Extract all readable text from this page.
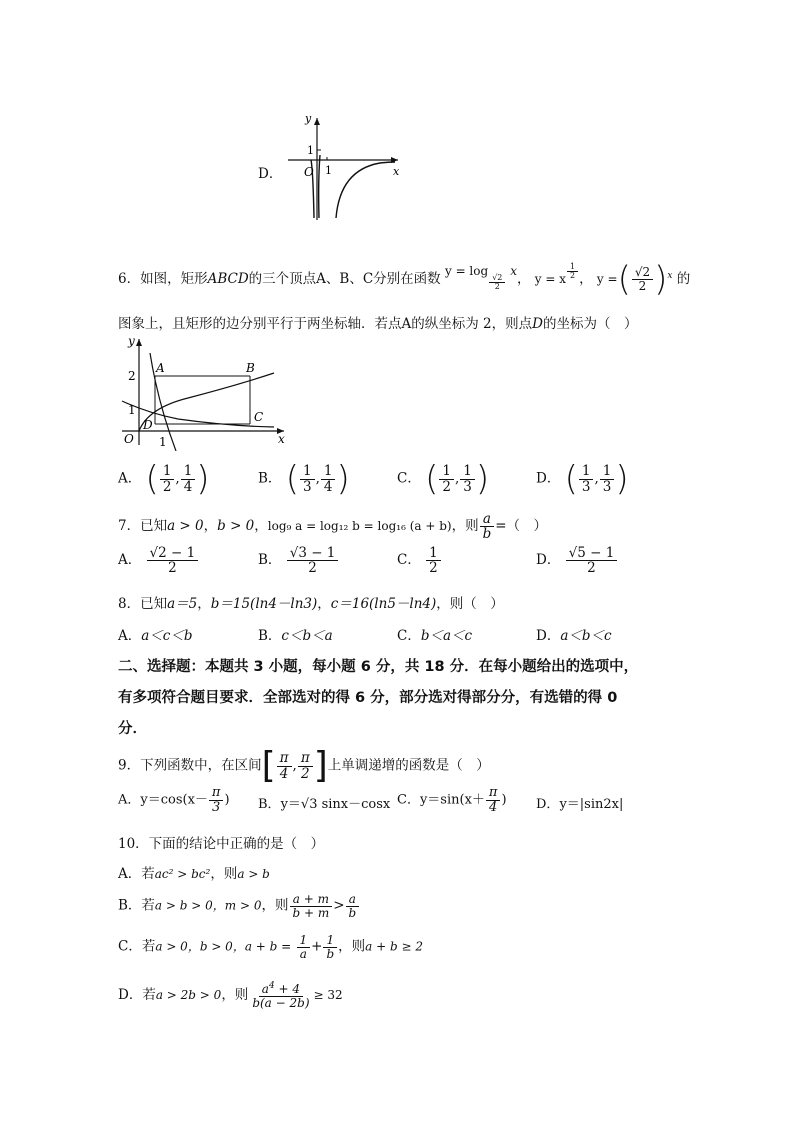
D．
y
x
O
1
1
6．如图，矩形ABCD的三个顶点A、B、C分别在函数 y = log
$_{\frac{√2}{2}}$
x， y = x $^{\frac{1}{2}}$ ， y =( $\frac{√2}{2} )^x$ 的
图象上，且矩形的边分别平行于两坐标轴．若点A的纵坐标为 2，则点D的坐标为（　）
y
x
A	B
C
D
O
2
1
1
A． ( $\frac{1}{2}$ , $\frac{1}{4}$ )	B． ( $\frac{1}{3}$ , $\frac{1}{4}$ )	C． ( $\frac{1}{2}$ , $\frac{1}{3}$ )	D． ( $\frac{1}{3}$ , $\frac{1}{3}$ )
7．已知a > 0，b > 0，log₉ a = log₁₂ b = log₁₆ (a + b)，则 $\frac{a}{b}$ =（　）
A． $\frac{√2 - 1}{2}$	B． $\frac{√3 - 1}{2}$	C． $\frac{1}{2}$	D． $\frac{√5 - 1}{2}$
8．已知a＝5，b＝15(ln4－ln3)，c＝16(ln5－ln4)，则（　）
A．a＜c＜b	B．c＜b＜a	C．b＜a＜c	D．a＜b＜c
二、选择题：本题共 3 小题，每小题 6 分，共 18 分．在每小题给出的选项中，
有多项符合题目要求．全部选对的得 6 分，部分选对得部分分，有选错的得 0
分．
9．下列函数中，在区间[ $\frac{\pi}{4}$ , $\frac{\pi}{2}$ ]上单调递增的函数是（　）
A．$y=\cos(x- \frac{\pi}{3}$ ) B．y＝√3 sinx－cosx C．$y=\sin(x+ \frac{\pi}{4}$ ) D．y＝|sin2x|
10．下面的结论中正确的是（　）
A．若ac² > bc²，则a > b
B．若a > b > 0，m > 0，则 $\frac{a + m}{b + m} > \frac{a}{b}$
C．若a > 0，b > 0，$a + b = \frac{1}{a} + \frac{1}{b}$ ，则a + b ≥ 2
D．若a > 2b > 0，则 $\frac{a^4 + 4}{b(a - 2b)} \ge 32$
